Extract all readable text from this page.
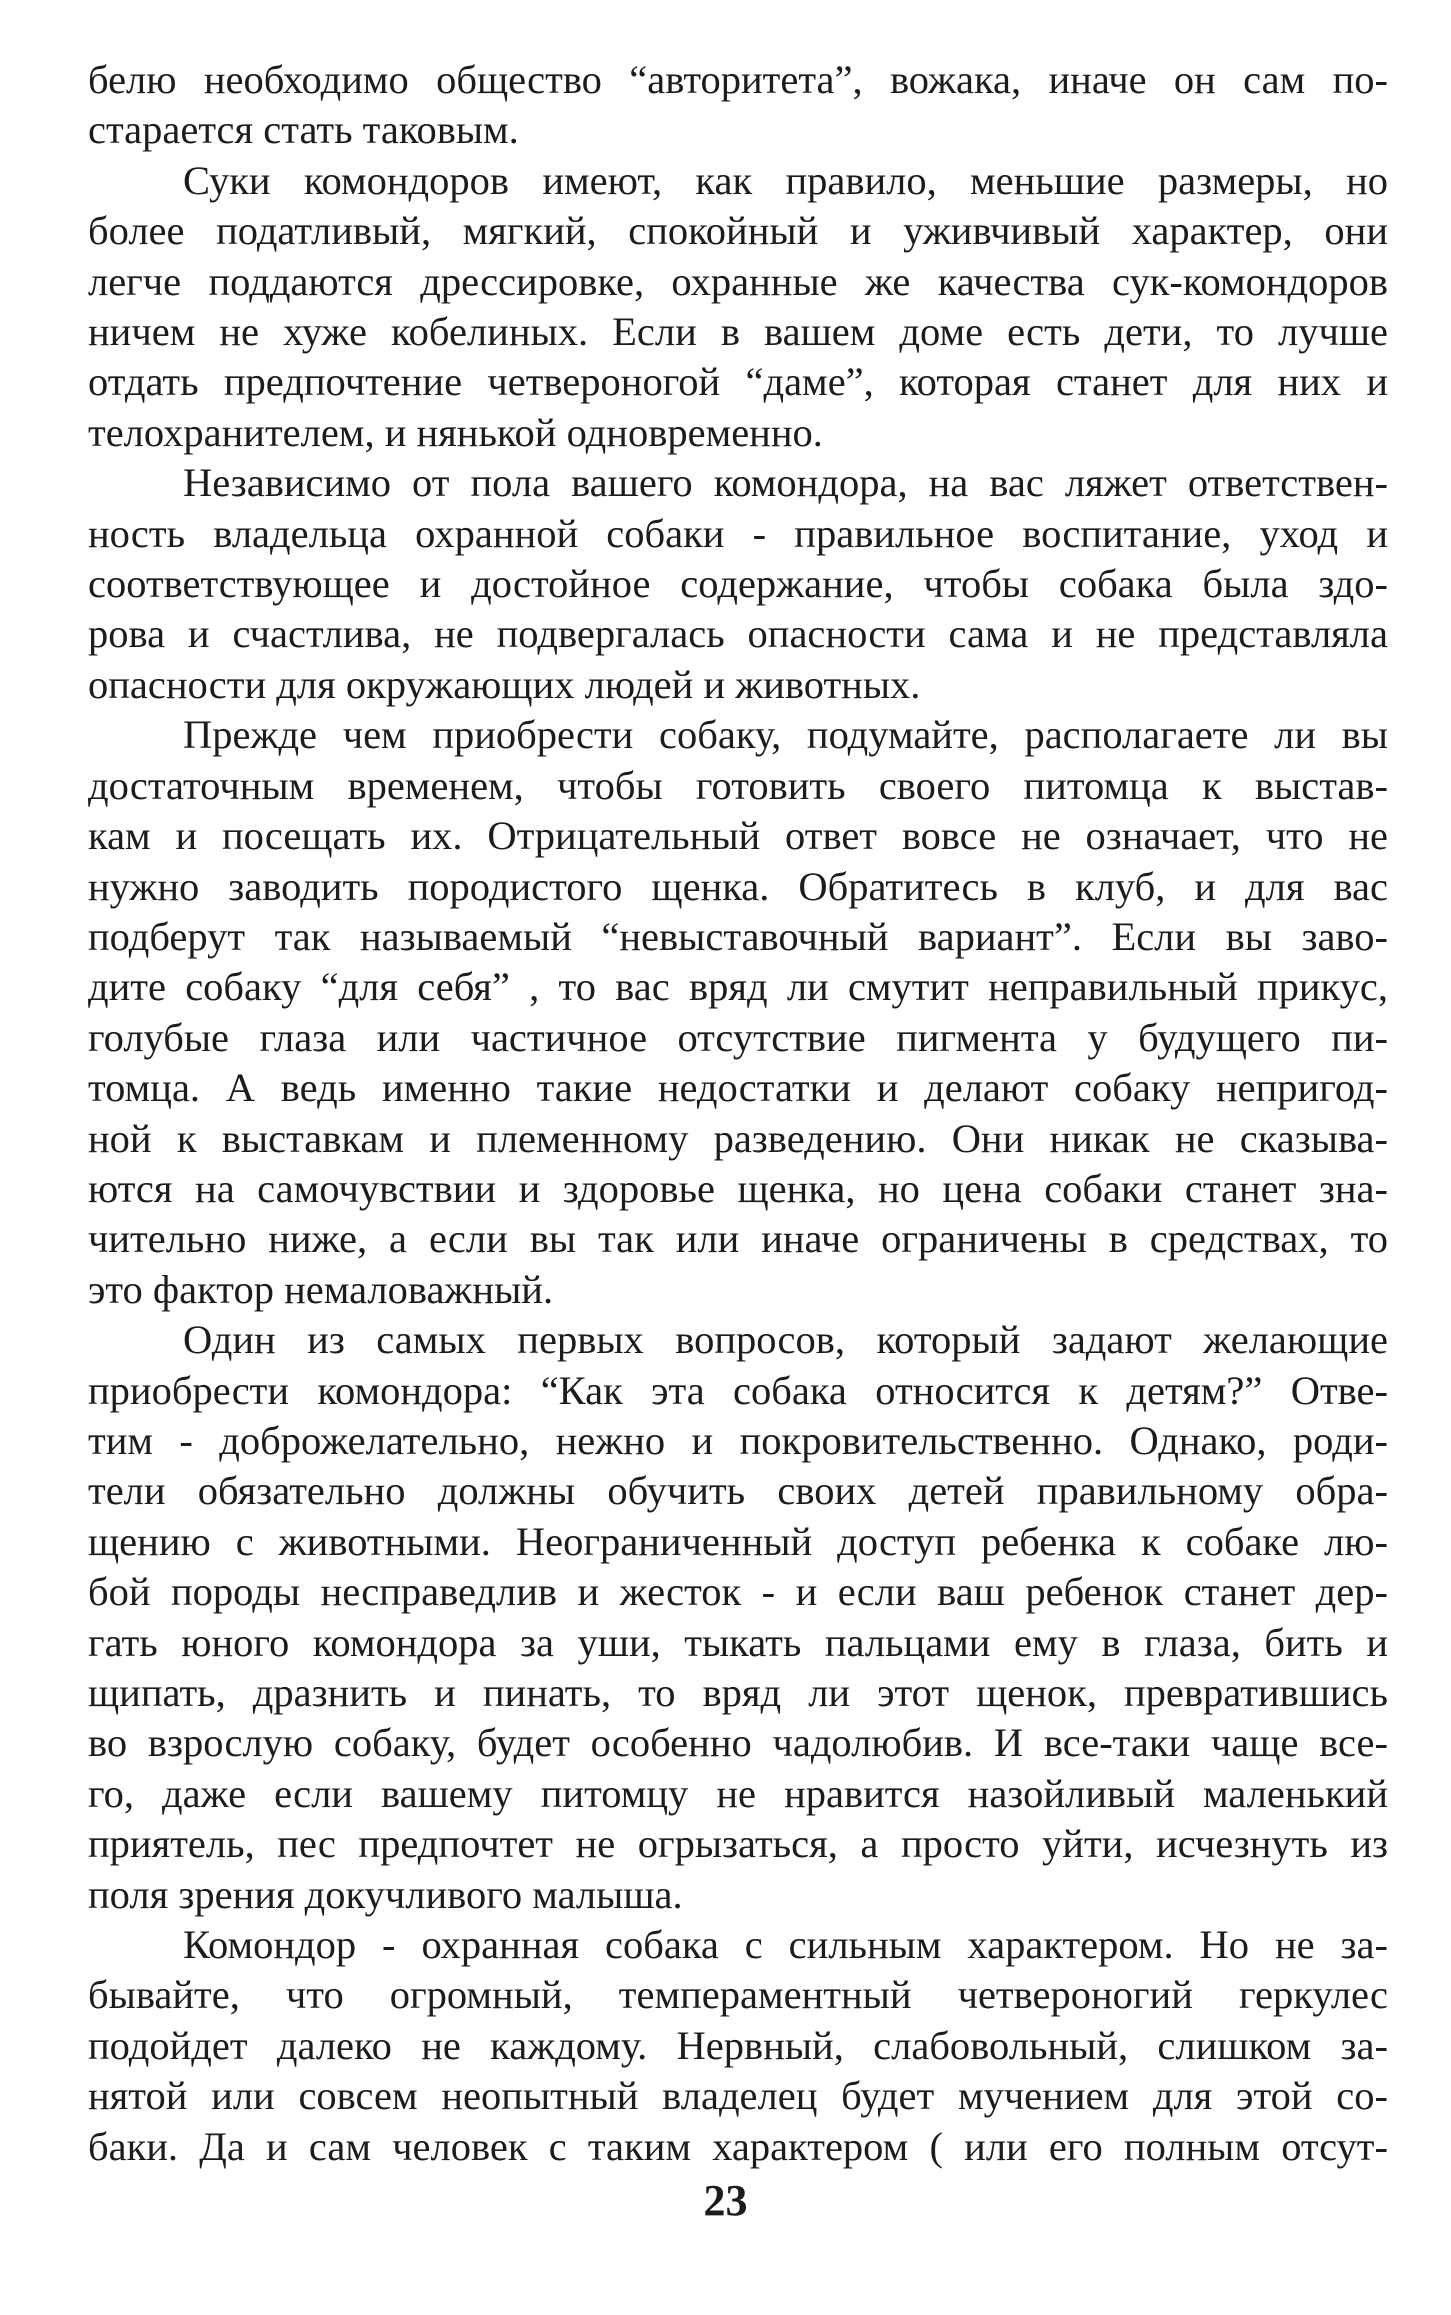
белю необходимо общество “авторитета”, вожака, иначе он сам по-
старается стать таковым.
Суки комондоров имеют, как правило, меньшие размеры, но
более податливый, мягкий, спокойный и уживчивый характер, они
легче поддаются дрессировке, охранные же качества сук-комондоров
ничем не хуже кобелиных. Если в вашем доме есть дети, то лучше
отдать предпочтение четвероногой “даме”, которая станет для них и
телохранителем, и нянькой одновременно.
Независимо от пола вашего комондора, на вас ляжет ответствен-
ность владельца охранной собаки - правильное воспитание, уход и
соответствующее и достойное содержание, чтобы собака была здо-
рова и счастлива, не подвергалась опасности сама и не представляла
опасности для окружающих людей и животных.
Прежде чем приобрести собаку, подумайте, располагаете ли вы
достаточным временем, чтобы готовить своего питомца к выстав-
кам и посещать их. Отрицательный ответ вовсе не означает, что не
нужно заводить породистого щенка. Обратитесь в клуб, и для вас
подберут так называемый “невыставочный вариант”. Если вы заво-
дите собаку “для себя” , то вас вряд ли смутит неправильный прикус,
голубые глаза или частичное отсутствие пигмента у будущего пи-
томца. А ведь именно такие недостатки и делают собаку непригод-
ной к выставкам и племенному разведению. Они никак не сказыва-
ются на самочувствии и здоровье щенка, но цена собаки станет зна-
чительно ниже, а если вы так или иначе ограничены в средствах, то
это фактор немаловажный.
Один из самых первых вопросов, который задают желающие
приобрести комондора: “Как эта собака относится к детям?” Отве-
тим - доброжелательно, нежно и покровительственно. Однако, роди-
тели обязательно должны обучить своих детей правильному обра-
щению с животными. Неограниченный доступ ребенка к собаке лю-
бой породы несправедлив и жесток - и если ваш ребенок станет дер-
гать юного комондора за уши, тыкать пальцами ему в глаза, бить и
щипать, дразнить и пинать, то вряд ли этот щенок, превратившись
во взрослую собаку, будет особенно чадолюбив. И все-таки чаще все-
го, даже если вашему питомцу не нравится назойливый маленький
приятель, пес предпочтет не огрызаться, а просто уйти, исчезнуть из
поля зрения докучливого малыша.
Комондор - охранная собака с сильным характером. Но не за-
бывайте, что огромный, темпераментный четвероногий геркулес
подойдет далеко не каждому. Нервный, слабовольный, слишком за-
нятой или совсем неопытный владелец будет мучением для этой со-
баки. Да и сам человек с таким характером ( или его полным отсут-
23
